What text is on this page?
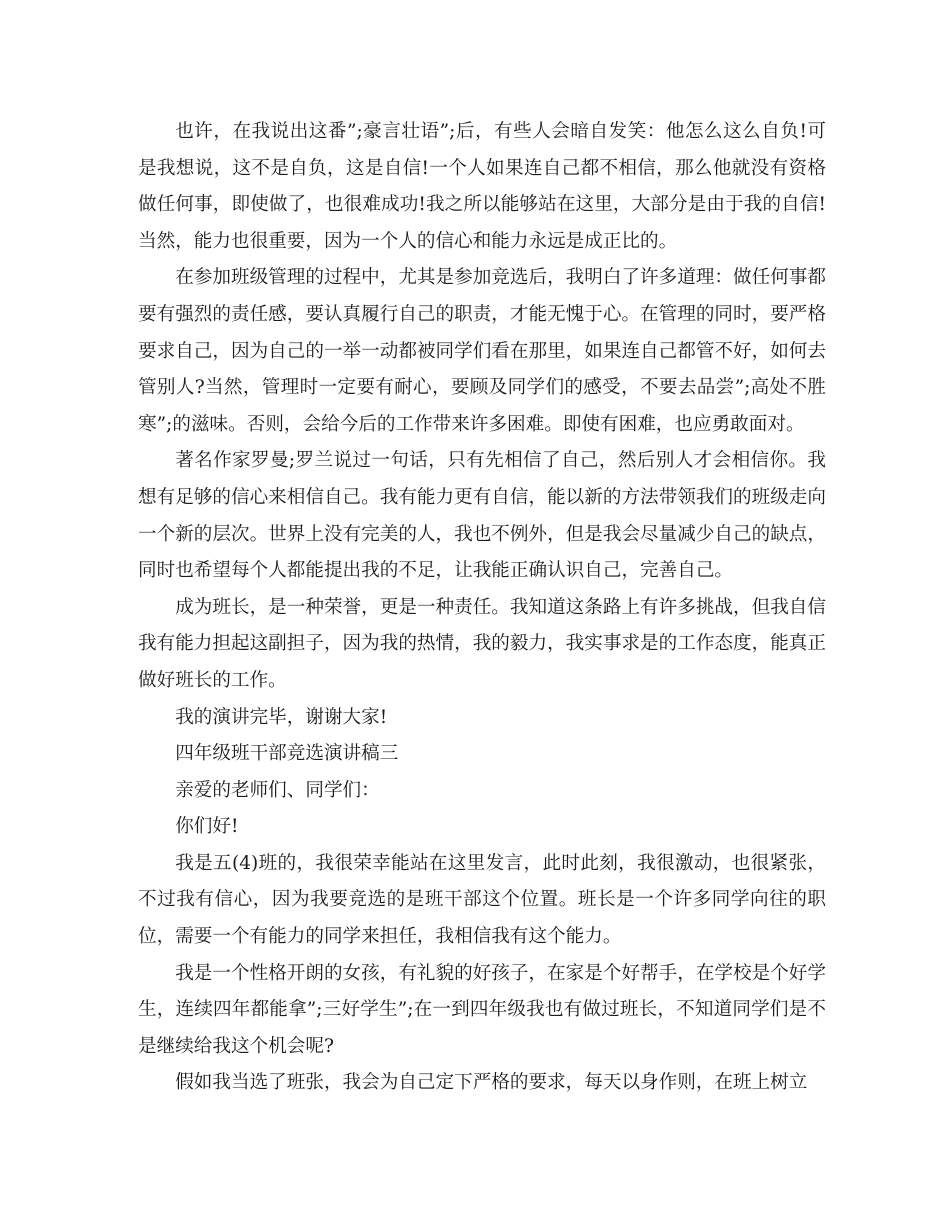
也许，在我说出这番”;豪言壮语”;后，有些人会暗自发笑：他怎么这么自负!可是我想说，这不是自负，这是自信!一个人如果连自己都不相信，那么他就没有资格做任何事，即使做了，也很难成功!我之所以能够站在这里，大部分是由于我的自信!当然，能力也很重要，因为一个人的信心和能力永远是成正比的。

在参加班级管理的过程中，尤其是参加竞选后，我明白了许多道理：做任何事都要有强烈的责任感，要认真履行自己的职责，才能无愧于心。在管理的同时，要严格要求自己，因为自己的一举一动都被同学们看在那里，如果连自己都管不好，如何去管别人?当然，管理时一定要有耐心，要顾及同学们的感受，不要去品尝”;高处不胜寒”;的滋味。否则，会给今后的工作带来许多困难。即使有困难，也应勇敢面对。

著名作家罗曼;罗兰说过一句话，只有先相信了自己，然后别人才会相信你。我想有足够的信心来相信自己。我有能力更有自信，能以新的方法带领我们的班级走向一个新的层次。世界上没有完美的人，我也不例外，但是我会尽量减少自己的缺点，同时也希望每个人都能提出我的不足，让我能正确认识自己，完善自己。

成为班长，是一种荣誉，更是一种责任。我知道这条路上有许多挑战，但我自信我有能力担起这副担子，因为我的热情，我的毅力，我实事求是的工作态度，能真正做好班长的工作。

我的演讲完毕，谢谢大家!

四年级班干部竞选演讲稿三

亲爱的老师们、同学们：

你们好!

我是五(4)班的，我很荣幸能站在这里发言，此时此刻，我很激动，也很紧张，不过我有信心，因为我要竞选的是班干部这个位置。班长是一个许多同学向往的职位，需要一个有能力的同学来担任，我相信我有这个能力。

我是一个性格开朗的女孩，有礼貌的好孩子，在家是个好帮手，在学校是个好学生，连续四年都能拿”;三好学生”;在一到四年级我也有做过班长，不知道同学们是不是继续给我这个机会呢?

假如我当选了班张，我会为自己定下严格的要求，每天以身作则，在班上树立
